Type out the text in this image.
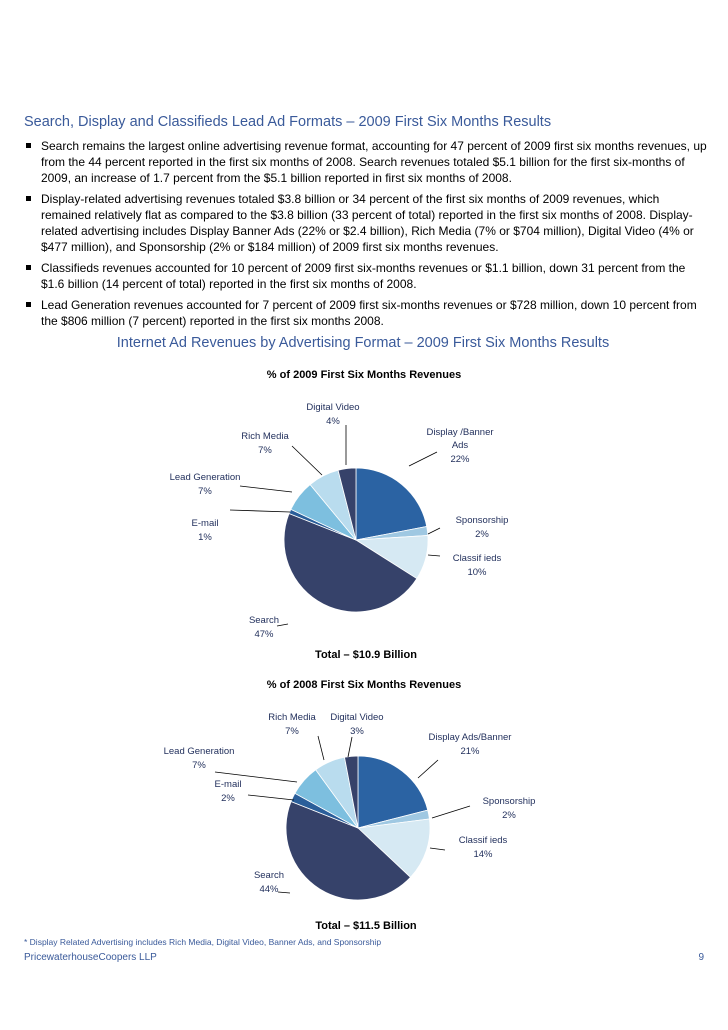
Search, Display and Classifieds Lead Ad Formats – 2009 First Six Months Results
Search remains the largest online advertising revenue format, accounting for 47 percent of 2009 first six months revenues, up from the 44 percent reported in the first six months of 2008. Search revenues totaled $5.1 billion for the first six-months of 2009, an increase of 1.7 percent from the $5.1 billion reported in first six months of 2008.
Display-related advertising revenues totaled $3.8 billion or 34 percent of the first six months of 2009 revenues, which remained relatively flat as compared to the $3.8 billion (33 percent of total) reported in the first six months of 2008. Display-related advertising includes Display Banner Ads (22% or $2.4 billion), Rich Media (7% or $704 million), Digital Video (4% or $477 million), and Sponsorship (2% or $184 million) of 2009 first six months revenues.
Classifieds revenues accounted for 10 percent of 2009 first six-months revenues or $1.1 billion, down 31 percent from the $1.6 billion (14 percent of total) reported in the first six months of 2008.
Lead Generation revenues accounted for 7 percent of 2009 first six-months revenues or $728 million, down 10 percent from the $806 million (7 percent) reported in the first six months 2008.
Internet Ad Revenues by Advertising Format – 2009 First Six Months Results
% of 2009 First Six Months Revenues
Display /Banner Ads 22%
Sponsorship 2%
Classif ieds 10%
Search 47%
E-mail 1%
Lead Generation 7%
Rich Media 7%
Digital Video 4%
Total – $10.9 Billion
% of 2008 First Six Months Revenues
Display Ads/Banner 21%
Sponsorship 2%
Classif ieds 14%
Search 44%
E-mail 2%
Lead Generation 7%
Rich Media 7%
Digital Video 3%
Total – $11.5 Billion
* Display Related Advertising includes Rich Media, Digital Video, Banner Ads, and Sponsorship
PricewaterhouseCoopers LLP	9
